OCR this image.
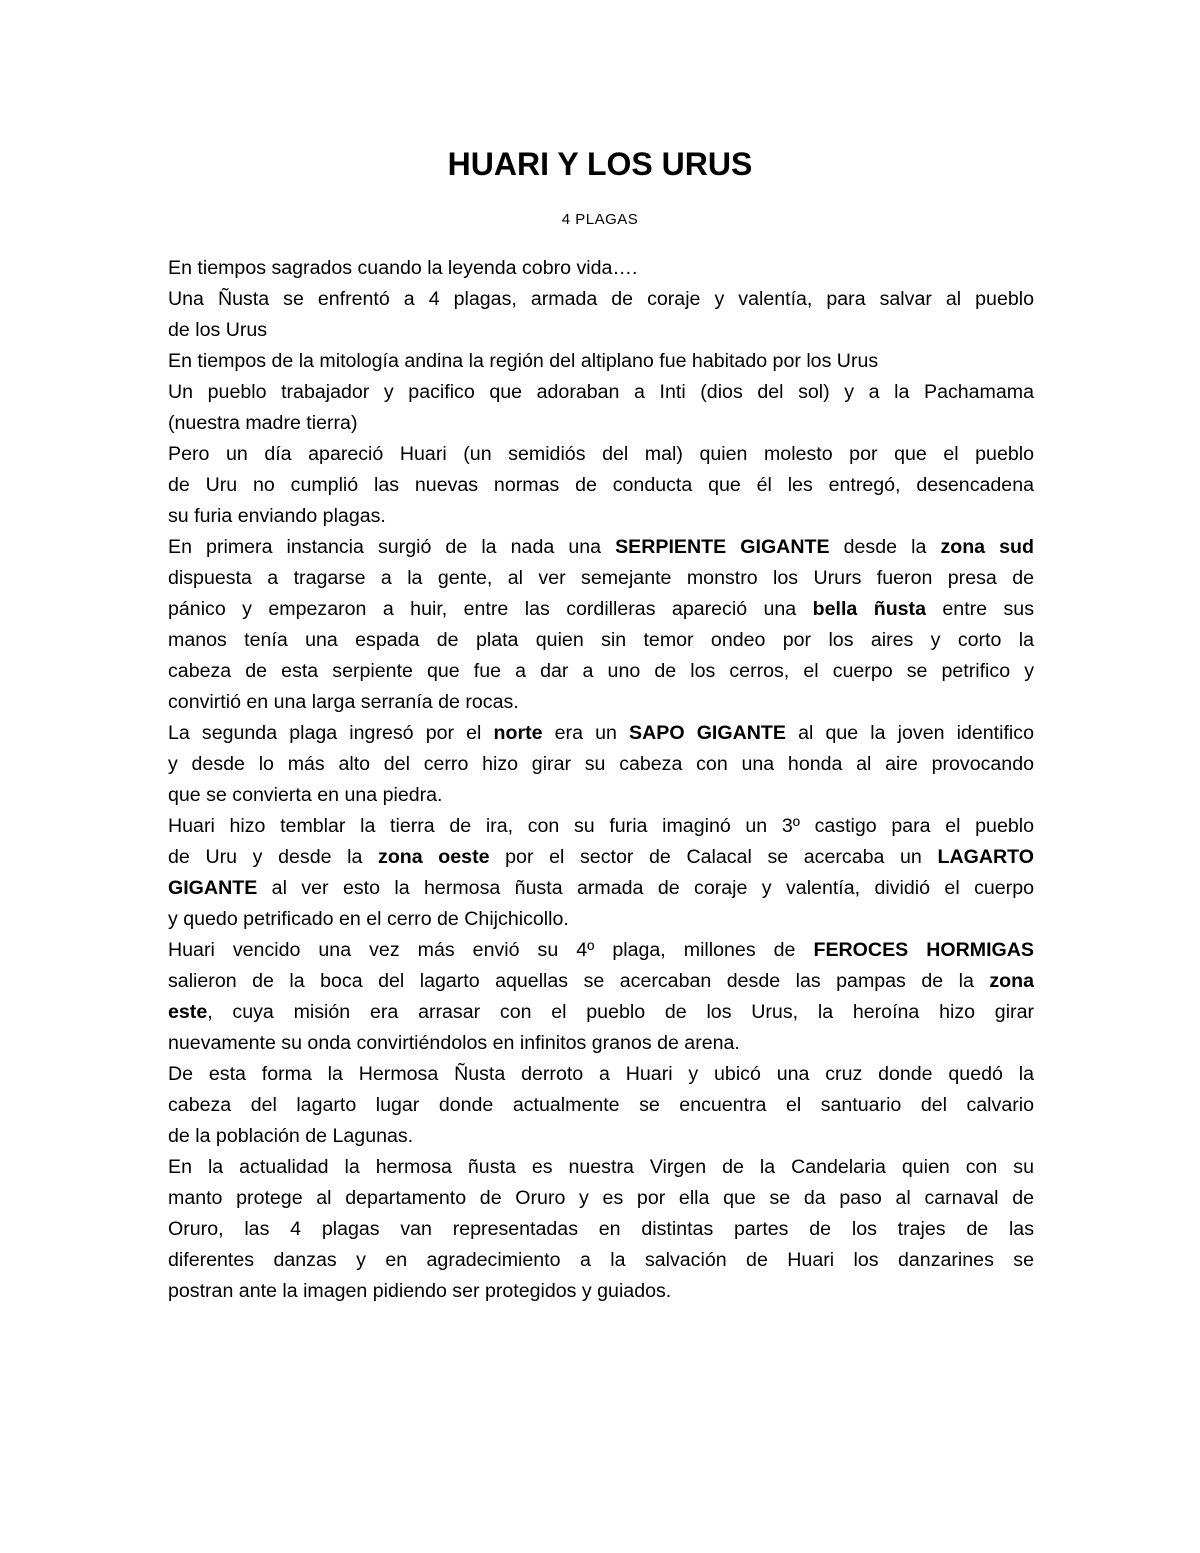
HUARI Y LOS URUS

4 PLAGAS

En tiempos sagrados cuando la leyenda cobro vida….
Una Ñusta se enfrentó a 4 plagas, armada de coraje y valentía, para salvar al pueblo
de los Urus
En tiempos de la mitología andina la región del altiplano fue habitado por los Urus
Un pueblo trabajador y pacifico que adoraban a Inti (dios del sol) y a la Pachamama
(nuestra madre tierra)
Pero un día apareció Huari (un semidiós del mal) quien molesto por que el pueblo
de Uru no cumplió las nuevas normas de conducta que él les entregó, desencadena
su furia enviando plagas.
En primera instancia surgió de la nada una SERPIENTE GIGANTE desde la zona sud
dispuesta a tragarse a la gente, al ver semejante monstro los Ururs fueron presa de
pánico y empezaron a huir, entre las cordilleras apareció una bella ñusta entre sus
manos tenía una espada de plata quien sin temor ondeo por los aires y corto la
cabeza de esta serpiente que fue a dar a uno de los cerros, el cuerpo se petrifico y
convirtió en una larga serranía de rocas.
La segunda plaga ingresó por el norte era un SAPO GIGANTE al que la joven identifico
y desde lo más alto del cerro hizo girar su cabeza con una honda al aire provocando
que se convierta en una piedra.
Huari hizo temblar la tierra de ira, con su furia imaginó un 3º castigo para el pueblo
de Uru y desde la zona oeste por el sector de Calacal se acercaba un LAGARTO
GIGANTE al ver esto la hermosa ñusta armada de coraje y valentía, dividió el cuerpo
y quedo petrificado en el cerro de Chijchicollo.
Huari vencido una vez más envió su 4º plaga, millones de FEROCES HORMIGAS
salieron de la boca del lagarto aquellas se acercaban desde las pampas de la zona
este, cuya misión era arrasar con el pueblo de los Urus, la heroína hizo girar
nuevamente su onda convirtiéndolos en infinitos granos de arena.
De esta forma la Hermosa Ñusta derroto a Huari y ubicó una cruz donde quedó la
cabeza del lagarto lugar donde actualmente se encuentra el santuario del calvario
de la población de Lagunas.
En la actualidad la hermosa ñusta es nuestra Virgen de la Candelaria quien con su
manto protege al departamento de Oruro y es por ella que se da paso al carnaval de
Oruro, las 4 plagas van representadas en distintas partes de los trajes de las
diferentes danzas y en agradecimiento a la salvación de Huari los danzarines se
postran ante la imagen pidiendo ser protegidos y guiados.
